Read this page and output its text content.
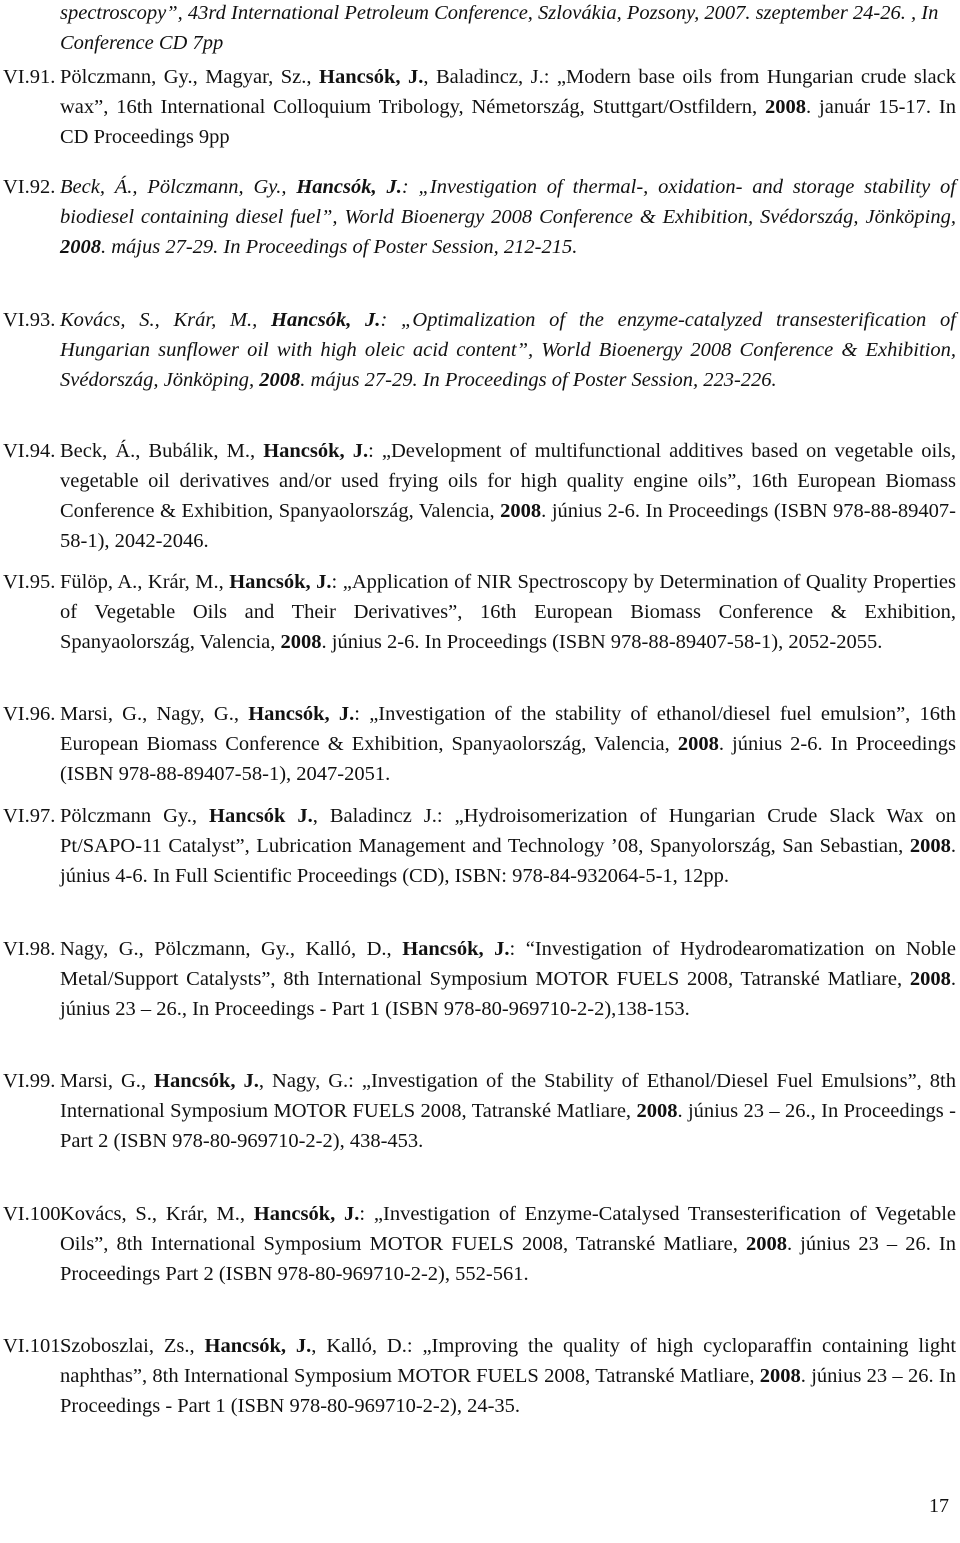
spectroscopy”, 43rd International Petroleum Conference, Szlovákia, Pozsony, 2007. szeptember 24-26. , In Conference CD 7pp
VI.91. Pölczmann, Gy., Magyar, Sz., Hancsók, J., Baladincz, J.: „Modern base oils from Hungarian crude slack wax”, 16th International Colloquium Tribology, Németország, Stuttgart/Ostfildern, 2008. január 15-17. In CD Proceedings 9pp
VI.92. Beck, Á., Pölczmann, Gy., Hancsók, J.: „Investigation of thermal-, oxidation- and storage stability of biodiesel containing diesel fuel”, World Bioenergy 2008 Conference & Exhibition, Svédország, Jönköping, 2008. május 27-29. In Proceedings of Poster Session, 212-215.
VI.93. Kovács, S., Krár, M., Hancsók, J.: „Optimalization of the enzyme-catalyzed transesterification of Hungarian sunflower oil with high oleic acid content”, World Bioenergy 2008 Conference & Exhibition, Svédország, Jönköping, 2008. május 27-29. In Proceedings of Poster Session, 223-226.
VI.94. Beck, Á., Bubálik, M., Hancsók, J.: „Development of multifunctional additives based on vegetable oils, vegetable oil derivatives and/or used frying oils for high quality engine oils”, 16th European Biomass Conference & Exhibition, Spanyaolország, Valencia, 2008. június 2-6. In Proceedings (ISBN 978-88-89407-58-1), 2042-2046.
VI.95. Fülöp, A., Krár, M., Hancsók, J.: „Application of NIR Spectroscopy by Determination of Quality Properties of Vegetable Oils and Their Derivatives”, 16th European Biomass Conference & Exhibition, Spanyaolország, Valencia, 2008. június 2-6. In Proceedings (ISBN 978-88-89407-58-1), 2052-2055.
VI.96. Marsi, G., Nagy, G., Hancsók, J.: „Investigation of the stability of ethanol/diesel fuel emulsion”, 16th European Biomass Conference & Exhibition, Spanyaolország, Valencia, 2008. június 2-6. In Proceedings (ISBN 978-88-89407-58-1), 2047-2051.
VI.97. Pölczmann Gy., Hancsók J., Baladincz J.: „Hydroisomerization of Hungarian Crude Slack Wax on Pt/SAPO-11 Catalyst”, Lubrication Management and Technology ’08, Spanyolország, San Sebastian, 2008. június 4-6. In Full Scientific Proceedings (CD), ISBN: 978-84-932064-5-1, 12pp.
VI.98. Nagy, G., Pölczmann, Gy., Kalló, D., Hancsók, J.: “Investigation of Hydrodearomatization on Noble Metal/Support Catalysts”, 8th International Symposium MOTOR FUELS 2008, Tatranské Matliare, 2008. június 23 – 26., In Proceedings - Part 1 (ISBN 978-80-969710-2-2),138-153.
VI.99. Marsi, G., Hancsók, J., Nagy, G.: „Investigation of the Stability of Ethanol/Diesel Fuel Emulsions”, 8th International Symposium MOTOR FUELS 2008, Tatranské Matliare, 2008. június 23 – 26., In Proceedings - Part 2 (ISBN 978-80-969710-2-2), 438-453.
VI.100.
Kovács, S., Krár, M., Hancsók, J.: „Investigation of Enzyme-Catalysed Transesterification of Vegetable Oils”, 8th International Symposium MOTOR FUELS 2008, Tatranské Matliare, 2008. június 23 – 26. In Proceedings Part 2 (ISBN 978-80-969710-2-2), 552-561.
VI.101.
Szoboszlai, Zs., Hancsók, J., Kalló, D.: „Improving the quality of high cycloparaffin containing light naphthas”, 8th International Symposium MOTOR FUELS 2008, Tatranské Matliare, 2008. június 23 – 26. In Proceedings - Part 1 (ISBN 978-80-969710-2-2), 24-35.
17
